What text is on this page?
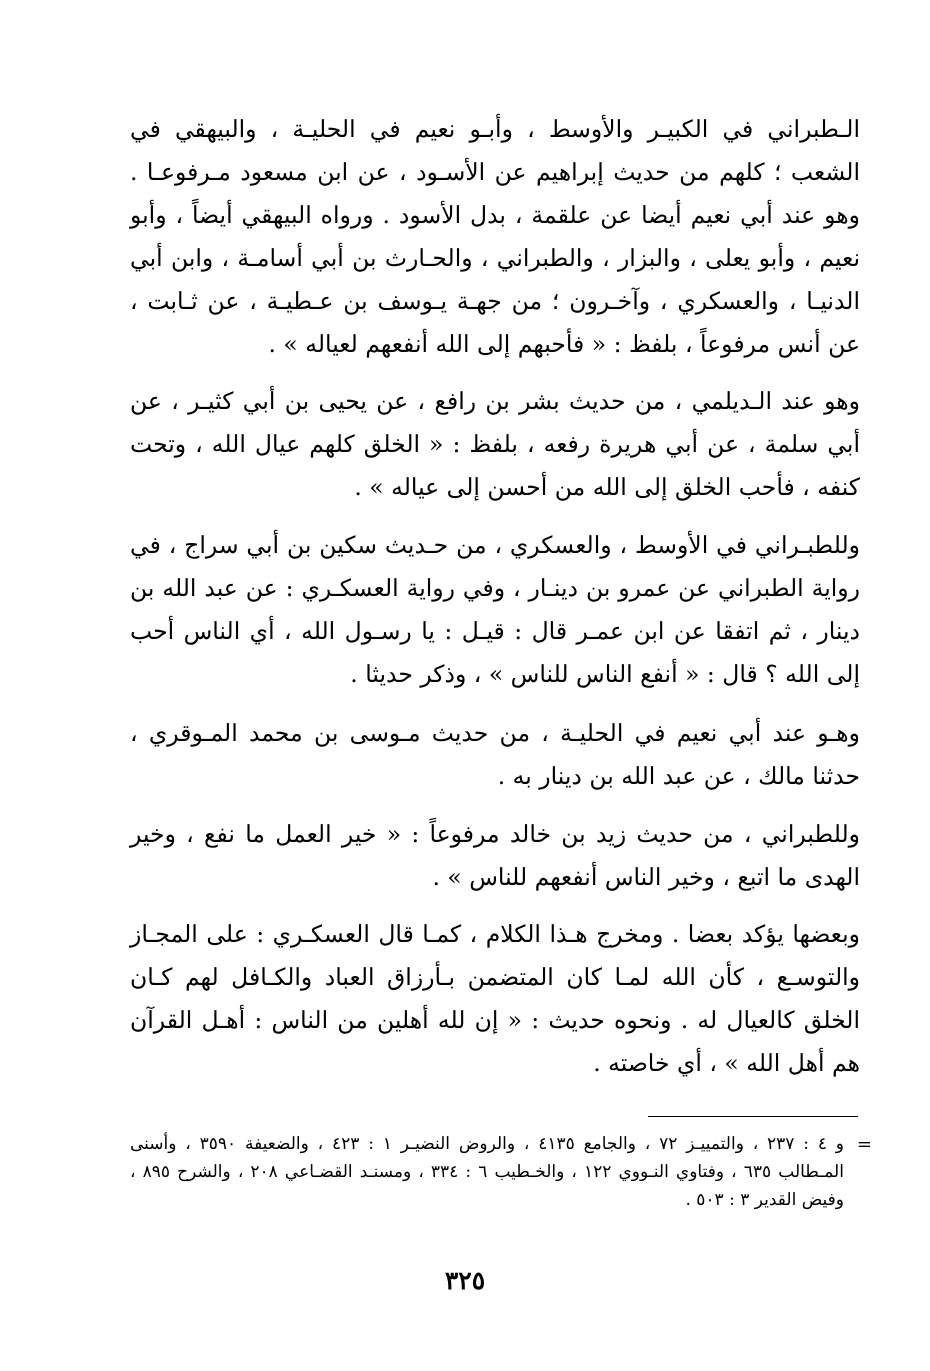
الـطبراني في الكبيـر والأوسط ، وأبـو نعيم في الحليـة ، والبيهقي في الشعب ؛ كلهم من حديث إبراهيم عن الأسـود ، عن ابن مسعود مـرفوعـا . وهو عند أبي نعيم أيضا عن علقمة ، بدل الأسود . ورواه البيهقي أيضاً ، وأبو نعيم ، وأبو يعلى ، والبزار ، والطبراني ، والحـارث بن أبي أسامـة ، وابن أبي الدنيـا ، والعسكري ، وآخـرون ؛ من جهـة يـوسف بن عـطيـة ، عن ثـابت ، عن أنس مرفوعاً ، بلفظ : « فأحبهم إلى الله أنفعهم لعياله » .

وهو عند الـديلمي ، من حديث بشر بن رافع ، عن يحيى بن أبي كثيـر ، عن أبي سلمة ، عن أبي هريرة رفعه ، بلفظ : « الخلق كلهم عيال الله ، وتحت كنفه ، فأحب الخلق إلى الله من أحسن إلى عياله » .

وللطبـراني في الأوسط ، والعسكري ، من حـديث سكين بن أبي سراج ، في رواية الطبراني عن عمرو بن دينـار ، وفي رواية العسكـري : عن عبد الله بن دينار ، ثم اتفقا عن ابن عمـر قال : قيـل : يا رسـول الله ، أي الناس أحب إلى الله ؟ قال : « أنفع الناس للناس » ، وذكر حديثا .

وهـو عند أبي نعيم في الحليـة ، من حديث مـوسى بن محمد المـوقري ، حدثنا مالك ، عن عبد الله بن دينار به .

وللطبراني ، من حديث زيد بن خالد مرفوعاً : « خير العمل ما نفع ، وخير الهدى ما اتبع ، وخير الناس أنفعهم للناس » .

وبعضها يؤكد بعضا . ومخرج هـذا الكلام ، كمـا قال العسكـري : على المجـاز والتوسـع ، كأن الله لمـا كان المتضمن بـأرزاق العباد والكـافل لهم كـان الخلق كالعيال له . ونحوه حديث : « إن لله أهلين من الناس : أهـل القرآن هم أهل الله » ، أي خاصته .

=

و ٤ : ٢٣٧ ، والتمييـز ٧٢ ، والجامع ٤١٣٥ ، والروض النضيـر ١ : ٤٢٣ ، والضعيفة ٣٥٩٠ ، وأسنى المـطالب ٦٣٥ ، وفتاوي النـووي ١٢٢ ، والخـطيب ٦ : ٣٣٤ ، ومسنـد القضـاعي ٢٠٨ ، والشرح ٨٩٥ ، وفيض القدير ٣ : ٥٠٣ .

٣٢٥
